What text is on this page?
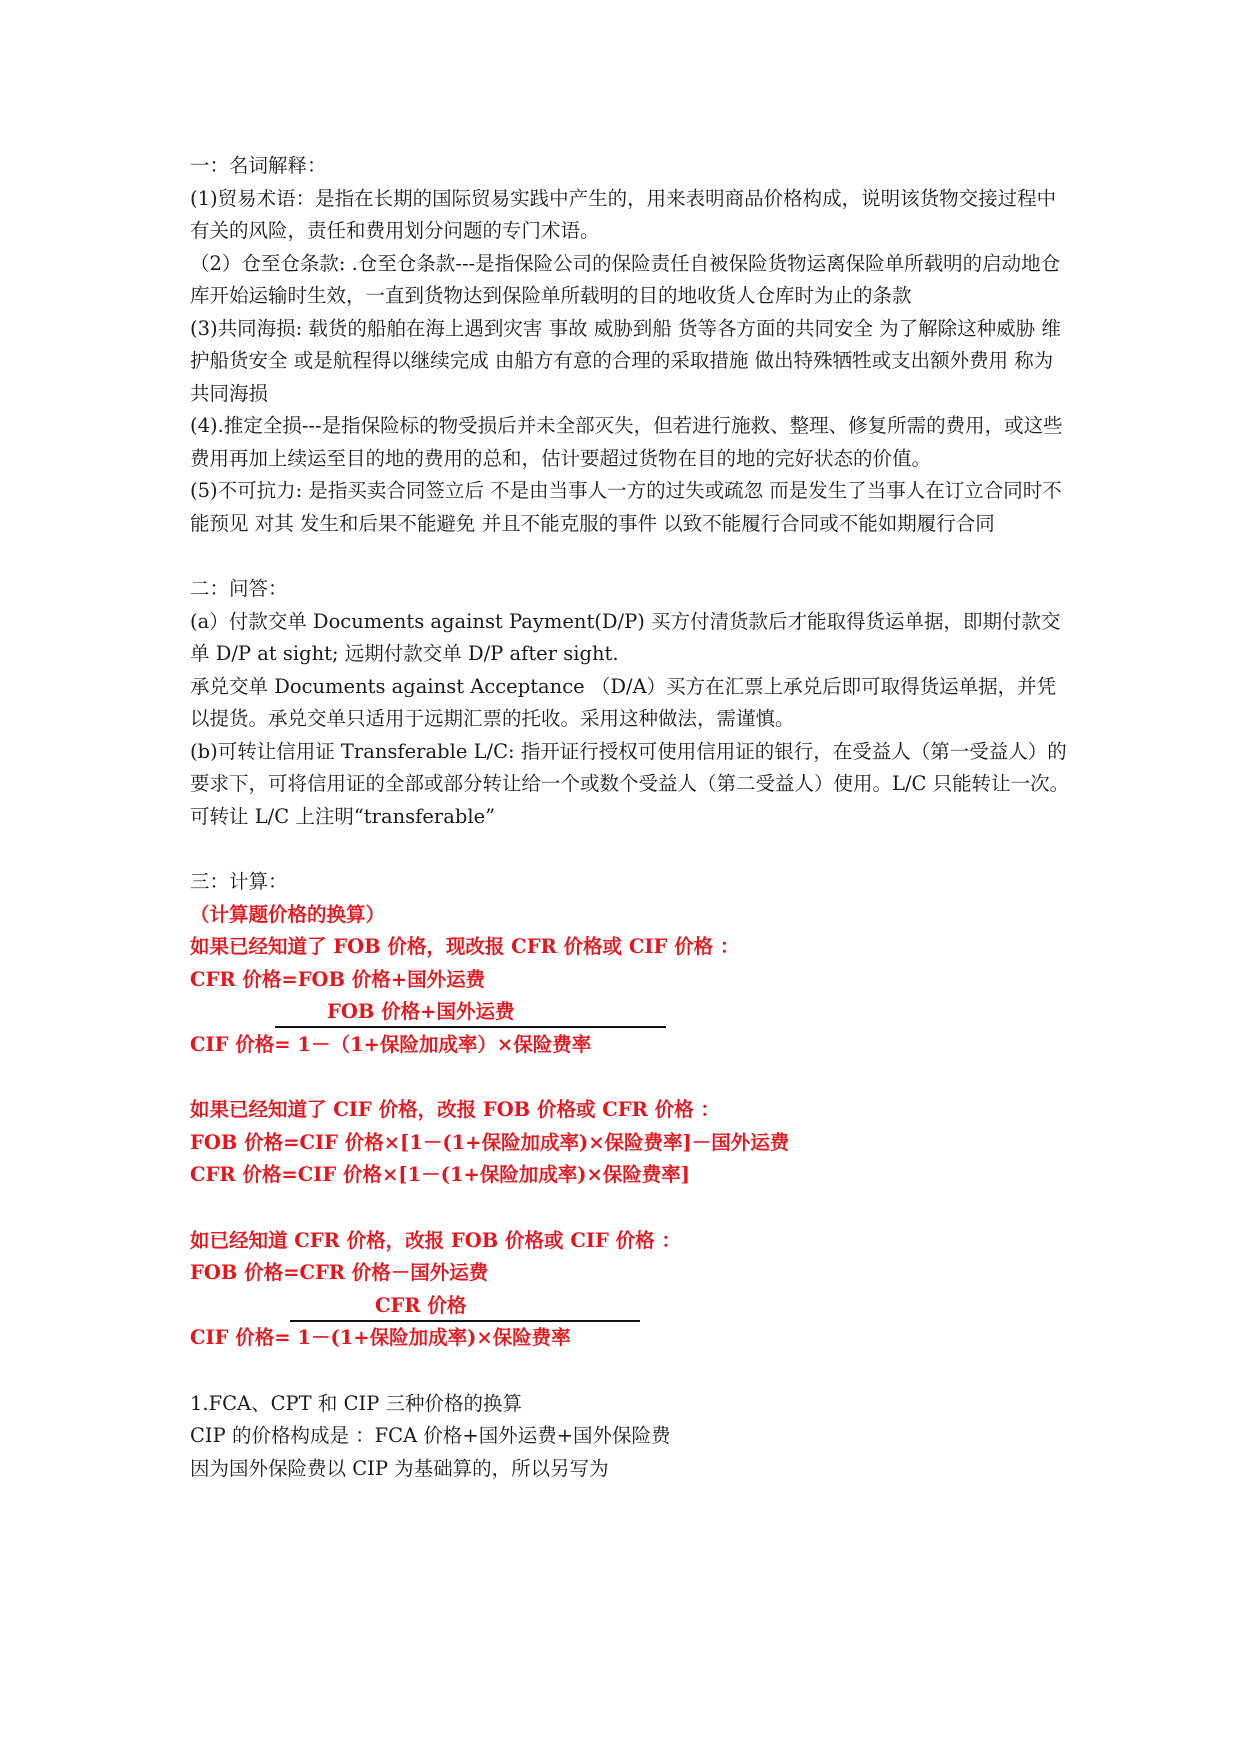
一：名词解释：

(1)贸易术语：是指在长期的国际贸易实践中产生的，用来表明商品价格构成，说明该货物交接过程中有关的风险，责任和费用划分问题的专门术语。

（2）仓至仓条款: .仓至仓条款---是指保险公司的保险责任自被保险货物运离保险单所载明的启动地仓库开始运输时生效，一直到货物达到保险单所载明的目的地收货人仓库时为止的条款

(3)共同海损: 载货的船舶在海上遇到灾害 事故 威胁到船 货等各方面的共同安全 为了解除这种威胁 维护船货安全 或是航程得以继续完成 由船方有意的合理的采取措施 做出特殊牺牲或支出额外费用 称为共同海损

(4).推定全损---是指保险标的物受损后并未全部灭失，但若进行施救、整理、修复所需的费用，或这些费用再加上续运至目的地的费用的总和，估计要超过货物在目的地的完好状态的价值。

(5)不可抗力: 是指买卖合同签立后 不是由当事人一方的过失或疏忽 而是发生了当事人在订立合同时不能预见 对其 发生和后果不能避免 并且不能克服的事件 以致不能履行合同或不能如期履行合同

二：问答：

(a）付款交单 Documents against Payment(D/P) 买方付清货款后才能取得货运单据，即期付款交单 D/P at sight; 远期付款交单 D/P after sight.

承兑交单 Documents against Acceptance （D/A）买方在汇票上承兑后即可取得货运单据，并凭以提货。承兑交单只适用于远期汇票的托收。采用这种做法，需谨慎。

(b)可转让信用证 Transferable L/C: 指开证行授权可使用信用证的银行，在受益人（第一受益人）的要求下，可将信用证的全部或部分转让给一个或数个受益人（第二受益人）使用。L/C 只能转让一次。可转让 L/C 上注明“transferable”

三：计算：

（计算题价格的换算）

如果已经知道了 FOB 价格，现改报 CFR 价格或 CIF 价格 ：

CFR 价格=FOB 价格+国外运费

FOB 价格+国外运费

CIF 价格= 1－（1+保险加成率）×保险费率

如果已经知道了 CIF 价格，改报 FOB 价格或 CFR 价格 ：

FOB 价格=CIF 价格×[1－(1+保险加成率)×保险费率]－国外运费

CFR 价格=CIF 价格×[1－(1+保险加成率)×保险费率]

如已经知道 CFR 价格，改报 FOB 价格或 CIF 价格 ：

FOB 价格=CFR 价格－国外运费

CFR 价格

CIF 价格= 1－(1+保险加成率)×保险费率

1.FCA、CPT 和 CIP 三种价格的换算

CIP 的价格构成是 ：FCA 价格+国外运费+国外保险费

因为国外保险费以 CIP 为基础算的，所以另写为
